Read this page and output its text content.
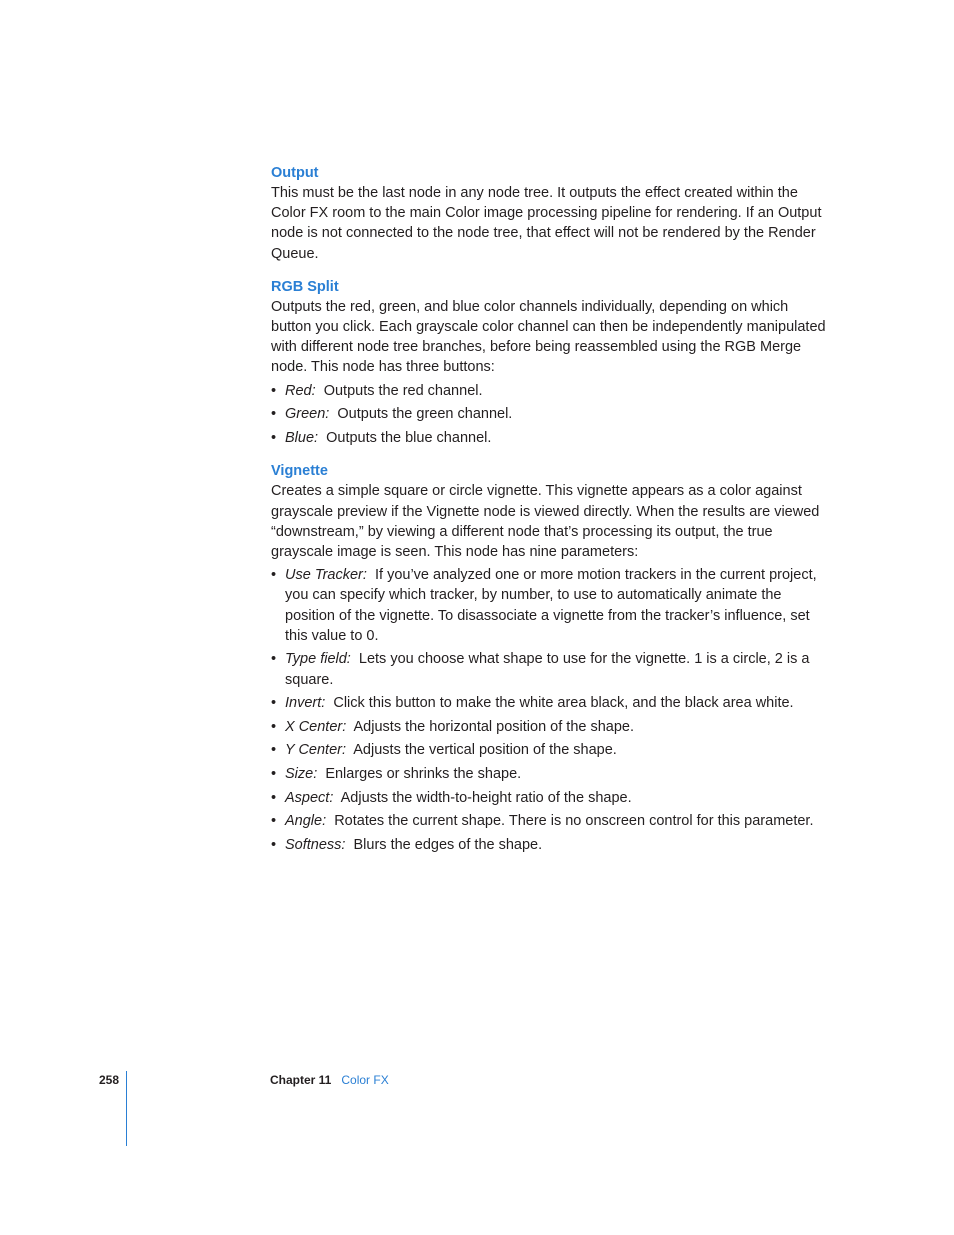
Output

This must be the last node in any node tree. It outputs the effect created within the Color FX room to the main Color image processing pipeline for rendering. If an Output node is not connected to the node tree, that effect will not be rendered by the Render Queue.

RGB Split

Outputs the red, green, and blue color channels individually, depending on which button you click. Each grayscale color channel can then be independently manipulated with different node tree branches, before being reassembled using the RGB Merge node. This node has three buttons:

• Red: Outputs the red channel.
• Green: Outputs the green channel.
• Blue: Outputs the blue channel.
Vignette

Creates a simple square or circle vignette. This vignette appears as a color against grayscale preview if the Vignette node is viewed directly. When the results are viewed “downstream,” by viewing a different node that’s processing its output, the true grayscale image is seen. This node has nine parameters:

• Use Tracker: If you’ve analyzed one or more motion trackers in the current project, you can specify which tracker, by number, to use to automatically animate the position of the vignette. To disassociate a vignette from the tracker’s influence, set this value to 0.
• Type field: Lets you choose what shape to use for the vignette. 1 is a circle, 2 is a square.
• Invert: Click this button to make the white area black, and the black area white.
• X Center: Adjusts the horizontal position of the shape.
• Y Center: Adjusts the vertical position of the shape.
• Size: Enlarges or shrinks the shape.
• Aspect: Adjusts the width-to-height ratio of the shape.
• Angle: Rotates the current shape. There is no onscreen control for this parameter.
• Softness: Blurs the edges of the shape.
258	Chapter 11 Color FX
